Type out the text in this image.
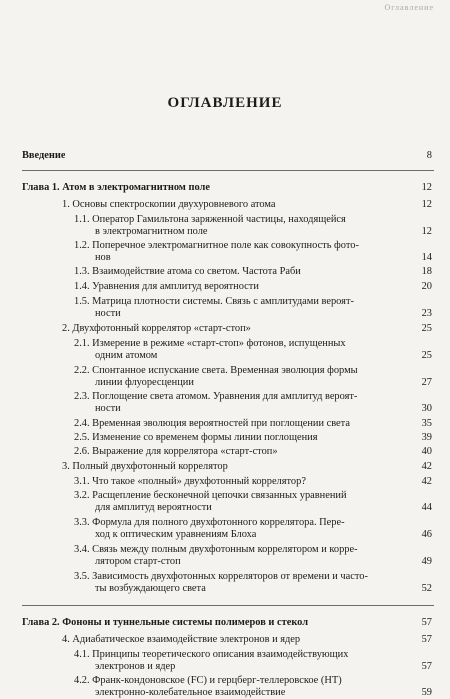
Оглавление

ОГЛАВЛЕНИЕ
Введение	8
Глава 1. Атом в электромагнитном поле	12
1. Основы спектроскопии двухуровневого атома	12
1.1. Оператор Гамильтона заряженной частицы, находящейся
в электромагнитном поле	12
1.2. Поперечное электромагнитное поле как совокупность фото-
нов	14
1.3. Взаимодействие атома со светом. Частота Раби	18
1.4. Уравнения для амплитуд вероятности	20
1.5. Матрица плотности системы. Связь с амплитудами вероят-
ности	23
2. Двухфотонный коррелятор «старт-стоп»	25
2.1. Измерение в режиме «старт-стоп» фотонов, испущенных
одним атомом	25
2.2. Спонтанное испускание света. Временная эволюция формы
линии флуоресценции	27
2.3. Поглощение света атомом. Уравнения для амплитуд вероят-
ности	30
2.4. Временная эволюция вероятностей при поглощении света	35
2.5. Изменение со временем формы линии поглощения	39
2.6. Выражение для коррелятора «старт-стоп»	40
3. Полный двухфотонный коррелятор	42
3.1. Что такое «полный» двухфотонный коррелятор?	42
3.2. Расщепление бесконечной цепочки связанных уравнений
для амплитуд вероятности	44
3.3. Формула для полного двухфотонного коррелятора. Пере-
ход к оптическим уравнениям Блоха	46
3.4. Связь между полным двухфотонным коррелятором и корре-
лятором старт-стоп	49
3.5. Зависимость двухфотонных корреляторов от времени и часто-
ты возбуждающего света	52
Глава 2. Фононы и туннельные системы полимеров и стекол	57
4. Адиабатическое взаимодействие электронов и ядер	57
4.1. Принципы теоретического описания взаимодействующих
электронов и ядер	57
4.2. Франк-кондоновское (FC) и герцберг-теллеровское (HT)
электронно-колебательное взаимодействие	59
